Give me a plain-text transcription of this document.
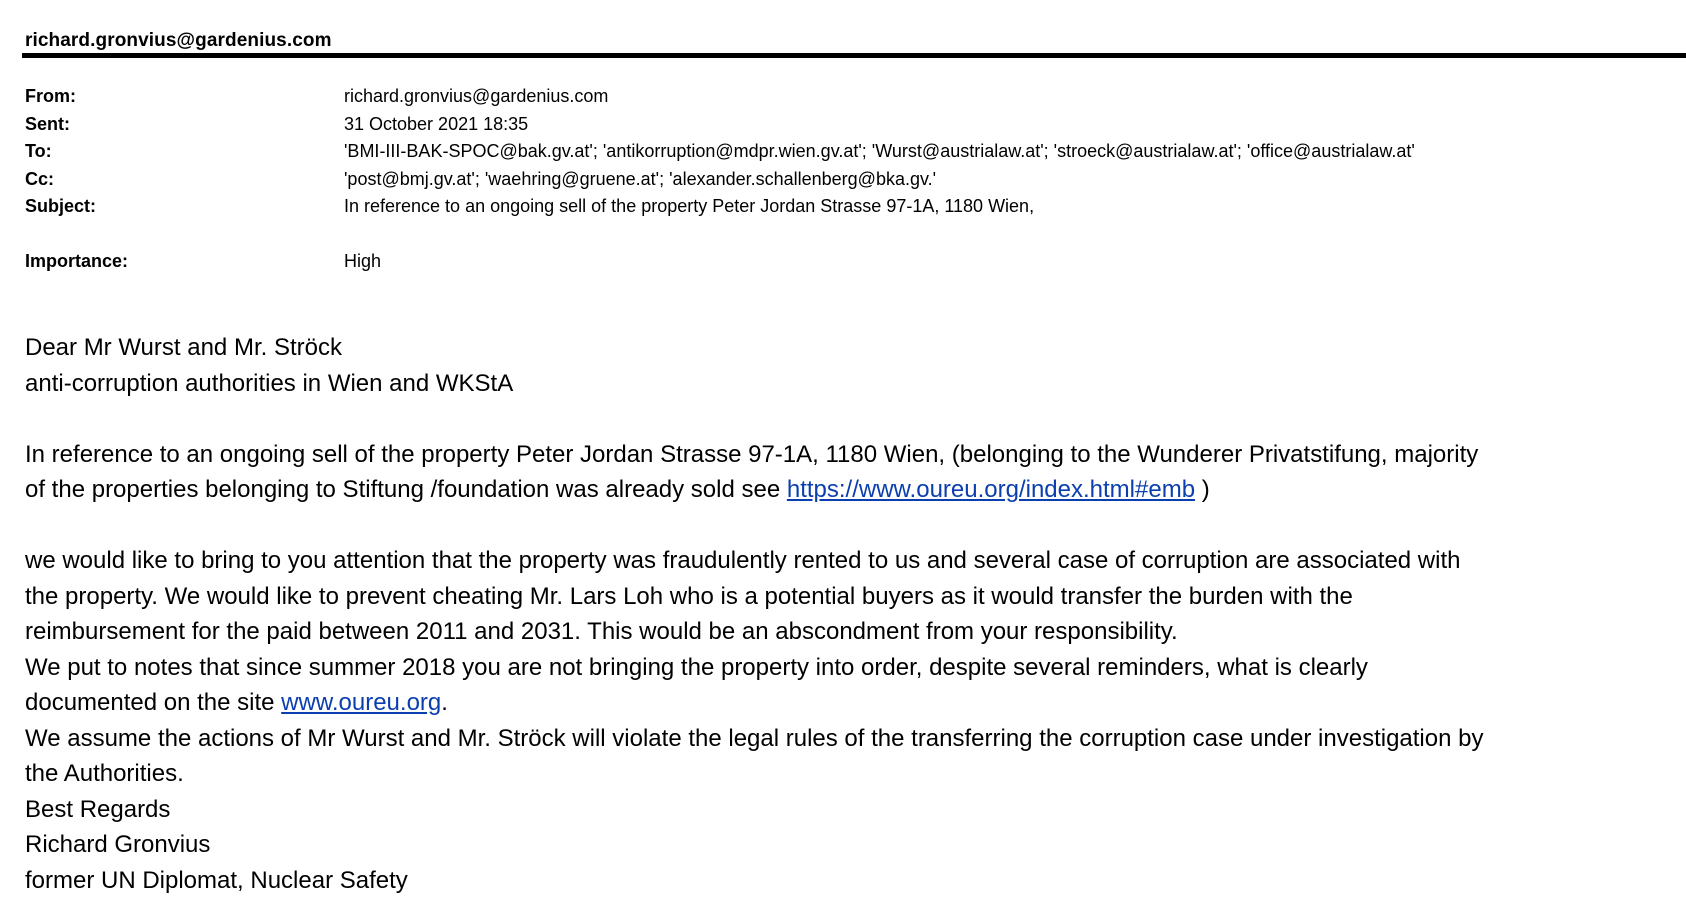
richard.gronvius@gardenius.com
From:	richard.gronvius@gardenius.com
Sent:	31 October 2021 18:35
To:	'BMI-III-BAK-SPOC@bak.gv.at'; 'antikorruption@mdpr.wien.gv.at'; 'Wurst@austrialaw.at'; 'stroeck@austrialaw.at'; 'office@austrialaw.at'
Cc:	'post@bmj.gv.at'; 'waehring@gruene.at'; 'alexander.schallenberg@bka.gv.'
Subject:	In reference to an ongoing sell of the property Peter Jordan Strasse 97-1A, 1180 Wien,
Importance:	High

Dear Mr Wurst and Mr. Ströck

anti-corruption authorities in Wien and WKStA

In reference to an ongoing sell of the property Peter Jordan Strasse 97-1A, 1180 Wien, (belonging to the Wunderer Privatstifung, majority

of the properties belonging to Stiftung /foundation was already sold see https://www.oureu.org/index.html#emb )

we would like to bring to you attention that the property was fraudulently rented to us and several case of corruption are associated with

the property. We would like to prevent cheating Mr. Lars Loh who is a potential buyers as it would transfer the burden with the

reimbursement for the paid between 2011 and 2031. This would be an abscondment from your responsibility.

We put to notes that since summer 2018 you are not bringing the property into order, despite several reminders, what is clearly

documented on the site www.oureu.org.

We assume the actions of Mr Wurst and Mr. Ströck will violate the legal rules of the transferring the corruption case under investigation by

the Authorities.

Best Regards

Richard Gronvius

former UN Diplomat, Nuclear Safety
